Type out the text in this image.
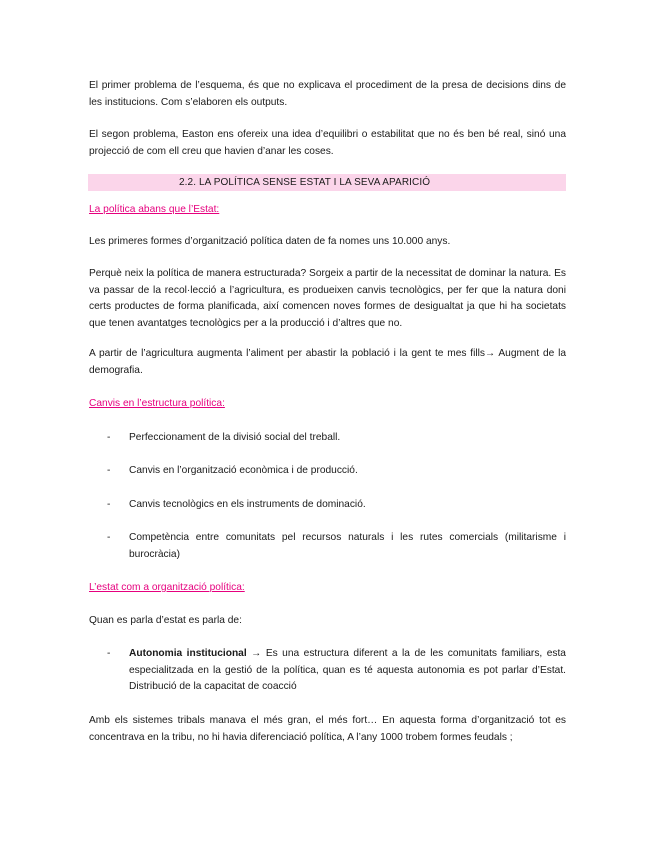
El primer problema de l’esquema, és que no explicava el procediment de la presa de decisions dins de les institucions. Com s’elaboren els outputs.

El segon problema, Easton ens ofereix una idea d’equilibri o estabilitat que no és ben bé real, sinó una projecció de com ell creu que havien d’anar les coses.

2.2. LA POLÍTICA SENSE ESTAT I LA SEVA APARICIÓ
La política abans que l’Estat:

Les primeres formes d’organització política daten de fa nomes uns 10.000 anys.

Perquè neix la política de manera estructurada? Sorgeix a partir de la necessitat de dominar la natura. Es va passar de la recol·lecció a l’agricultura, es produeixen canvis tecnològics, per fer que la natura doni certs productes de forma planificada, així comencen noves formes de desigualtat ja que hi ha societats que tenen avantatges tecnològics per a la producció i d’altres que no.

A partir de l’agricultura augmenta l’aliment per abastir la població i la gent te mes fills→ Augment de la demografia.

Canvis en l’estructura política:
- Perfeccionament de la divisió social del treball.

- Canvis en l’organització econòmica i de producció.

- Canvis tecnològics en els instruments de dominació.

- Competència entre comunitats pel recursos naturals i les rutes comercials (militarisme i burocràcia)

L’estat com a organització política:

Quan es parla d’estat es parla de:

- Autonomia institucional → Es una estructura diferent a la de les comunitats familiars, esta especialitzada en la gestió de la política, quan es té aquesta autonomia es pot parlar d’Estat. Distribució de la capacitat de coacció

Amb els sistemes tribals manava el més gran, el més fort… En aquesta forma d’organització tot es concentrava en la tribu, no hi havia diferenciació política, A l’any 1000 trobem formes feudals ;
